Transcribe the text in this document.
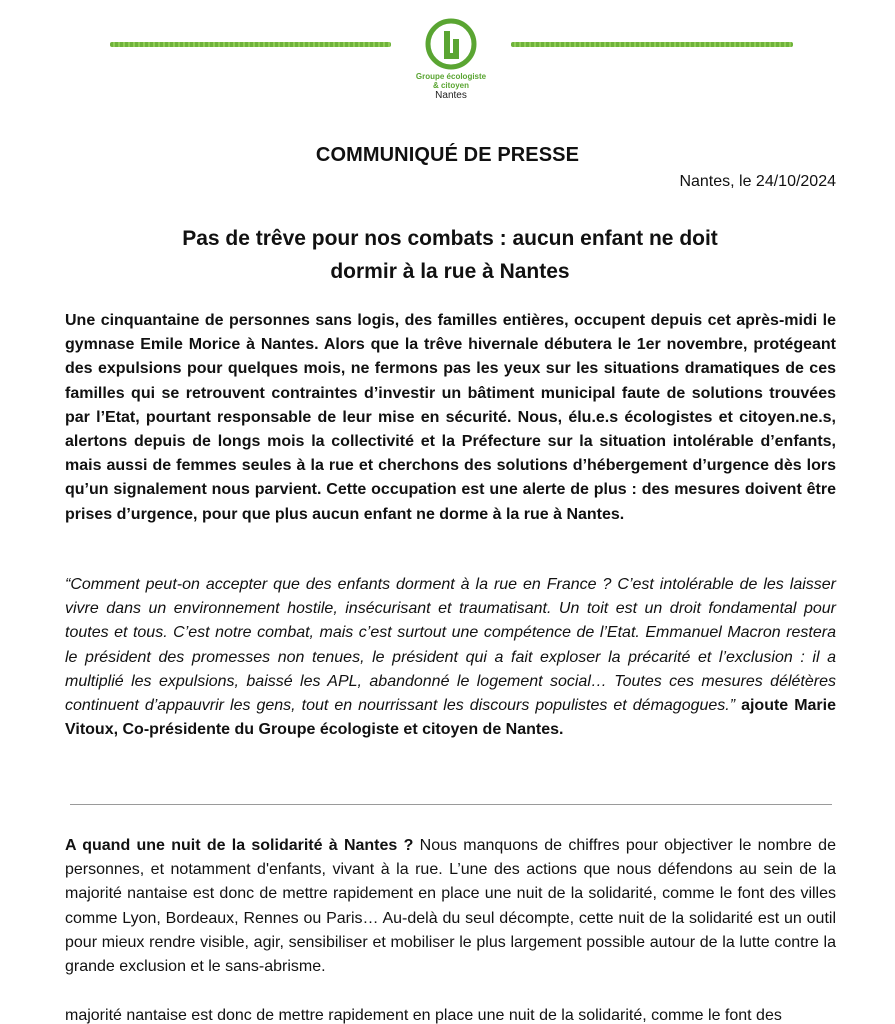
Groupe écologiste
& citoyen
Nantes
COMMUNIQUÉ DE PRESSE
Nantes, le 24/10/2024
Pas de trêve pour nos combats : aucun enfant ne doit
dormir à la rue à Nantes
Une cinquantaine de personnes sans logis, des familles entières, occupent depuis cet après-midi le gymnase Emile Morice à Nantes. Alors que la trêve hivernale débutera le 1er novembre, protégeant des expulsions pour quelques mois, ne fermons pas les yeux sur les situations dramatiques de ces familles qui se retrouvent contraintes d’investir un bâtiment municipal faute de solutions trouvées par l’Etat, pourtant responsable de leur mise en sécurité. Nous, élu.e.s écologistes et citoyen.ne.s, alertons depuis de longs mois la collectivité et la Préfecture sur la situation intolérable d’enfants, mais aussi de femmes seules à la rue et cherchons des solutions d’hébergement d’urgence dès lors qu’un signalement nous parvient. Cette occupation est une alerte de plus : des mesures doivent être prises d’urgence, pour que plus aucun enfant ne dorme à la rue à Nantes.
“Comment peut-on accepter que des enfants dorment à la rue en France ? C’est intolérable de les laisser vivre dans un environnement hostile, insécurisant et traumatisant. Un toit est un droit fondamental pour toutes et tous. C’est notre combat, mais c’est surtout une compétence de l’Etat. Emmanuel Macron restera le président des promesses non tenues, le président qui a fait exploser la précarité et l’exclusion : il a multiplié les expulsions, baissé les APL, abandonné le logement social… Toutes ces mesures délétères continuent d’appauvrir les gens, tout en nourrissant les discours populistes et démagogues.” ajoute Marie Vitoux, Co-présidente du Groupe écologiste et citoyen de Nantes.
A quand une nuit de la solidarité à Nantes ? Nous manquons de chiffres pour objectiver le nombre de personnes, et notamment d'enfants, vivant à la rue. L’une des actions que nous défendons au sein de la majorité nantaise est donc de mettre rapidement en place une nuit de la solidarité, comme le font des villes comme Lyon, Bordeaux, Rennes ou Paris… Au-delà du seul décompte, cette nuit de la solidarité est un outil pour mieux rendre visible, agir, sensibiliser et mobiliser le plus largement possible autour de la lutte contre la grande exclusion et le sans-abrisme.
majorité nantaise est donc de mettre rapidement en place une nuit de la solidarité, comme le font des
